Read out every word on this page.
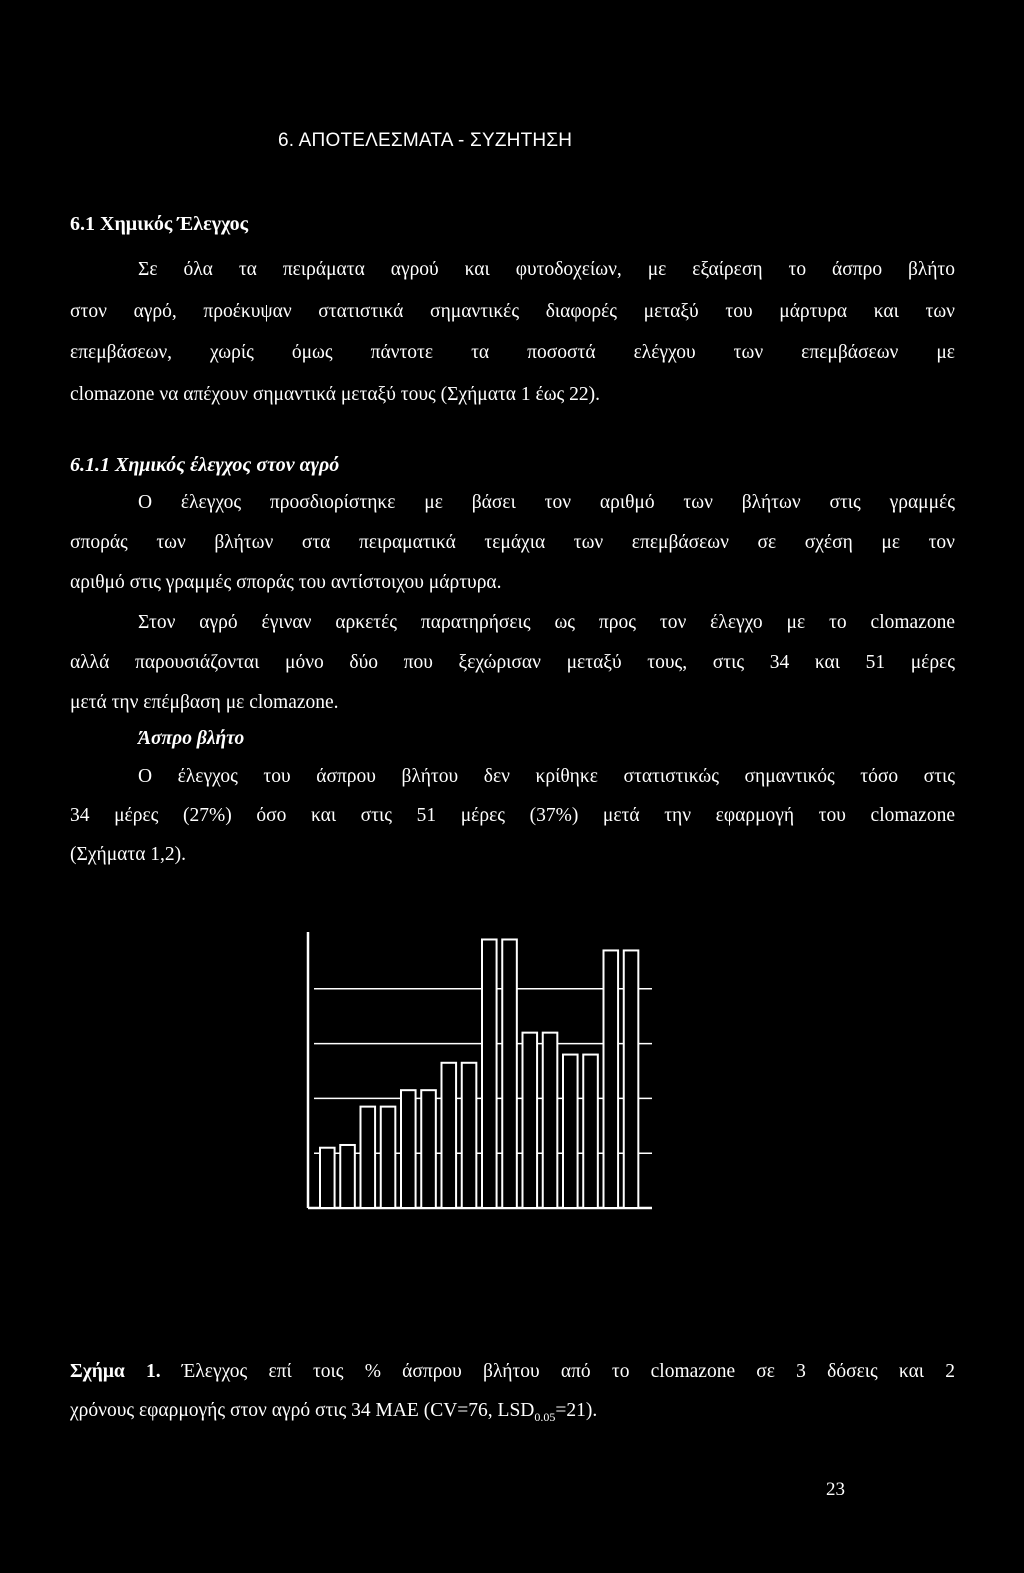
6. ΑΠΟΤΕΛΕΣΜΑΤΑ - ΣΥΖΗΤΗΣΗ
6.1 Χημικός Έλεγχος
Σε όλα τα πειράματα αγρού και φυτοδοχείων, με εξαίρεση το άσπρο βλήτο
στον αγρό, προέκυψαν στατιστικά σημαντικές διαφορές μεταξύ του μάρτυρα και των
επεμβάσεων, χωρίς όμως πάντοτε τα ποσοστά ελέγχου των επεμβάσεων με
clomazone να απέχουν σημαντικά μεταξύ τους (Σχήματα 1 έως 22).
6.1.1 Χημικός έλεγχος στον αγρό
Ο έλεγχος προσδιορίστηκε με βάσει τον αριθμό των βλήτων στις γραμμές
σποράς των βλήτων στα πειραματικά τεμάχια των επεμβάσεων σε σχέση με τον
αριθμό στις γραμμές σποράς του αντίστοιχου μάρτυρα.
Στον αγρό έγιναν αρκετές παρατηρήσεις ως προς τον έλεγχο με το clomazone
αλλά παρουσιάζονται μόνο δύο που ξεχώρισαν μεταξύ τους, στις 34 και 51 μέρες
μετά την επέμβαση με clomazone.
Άσπρο βλήτο
Ο έλεγχος του άσπρου βλήτου δεν κρίθηκε στατιστικώς σημαντικός τόσο στις
34 μέρες (27%) όσο και στις 51 μέρες (37%) μετά την εφαρμογή του clomazone
(Σχήματα 1,2).
Σχήμα 1. Έλεγχος επί τοις % άσπρου βλήτου από το clomazone σε 3 δόσεις και 2
χρόνους εφαρμογής στον αγρό στις 34 ΜΑΕ (CV=76, $LSD_{0.05}=21$).
23
